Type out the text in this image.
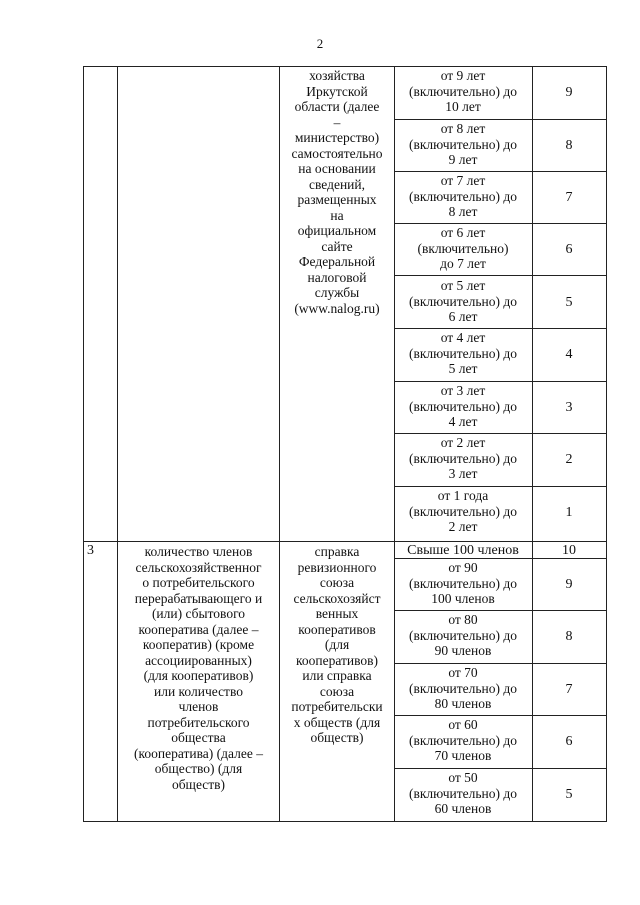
2
хозяйства
Иркутской
области (далее
–
министерство)
самостоятельно
на основании
сведений,
размещенных
на
официальном
сайте
Федеральной
налоговой
службы
(www.nalog.ru)
от 9 лет
(включительно) до
10 лет
9
от 8 лет
(включительно) до
9 лет
8
от 7 лет
(включительно) до
8 лет
7
от 6 лет
(включительно)
до 7 лет
6
от 5 лет
(включительно) до
6 лет
5
от 4 лет
(включительно) до
5 лет
4
от 3 лет
(включительно) до
4 лет
3
от 2 лет
(включительно) до
3 лет
2
от 1 года
(включительно) до
2 лет
1
3	количество членов
сельскохозяйственног
о потребительского
перерабатывающего и
(или) сбытового
кооператива (далее –
кооператив) (кроме
ассоциированных)
(для кооперативов)
или количество
членов
потребительского
общества
(кооператива) (далее –
общество) (для
обществ)
справка
ревизионного
союза
сельскохозяйст
венных
кооперативов
(для
кооперативов)
или справка
союза
потребительски
х обществ (для
обществ)
Свыше 100 членов	10
от 90
(включительно) до
100 членов
9
от 80
(включительно) до
90 членов
8
от 70
(включительно) до
80 членов
7
от 60
(включительно) до
70 членов
6
от 50
(включительно) до
60 членов
5
